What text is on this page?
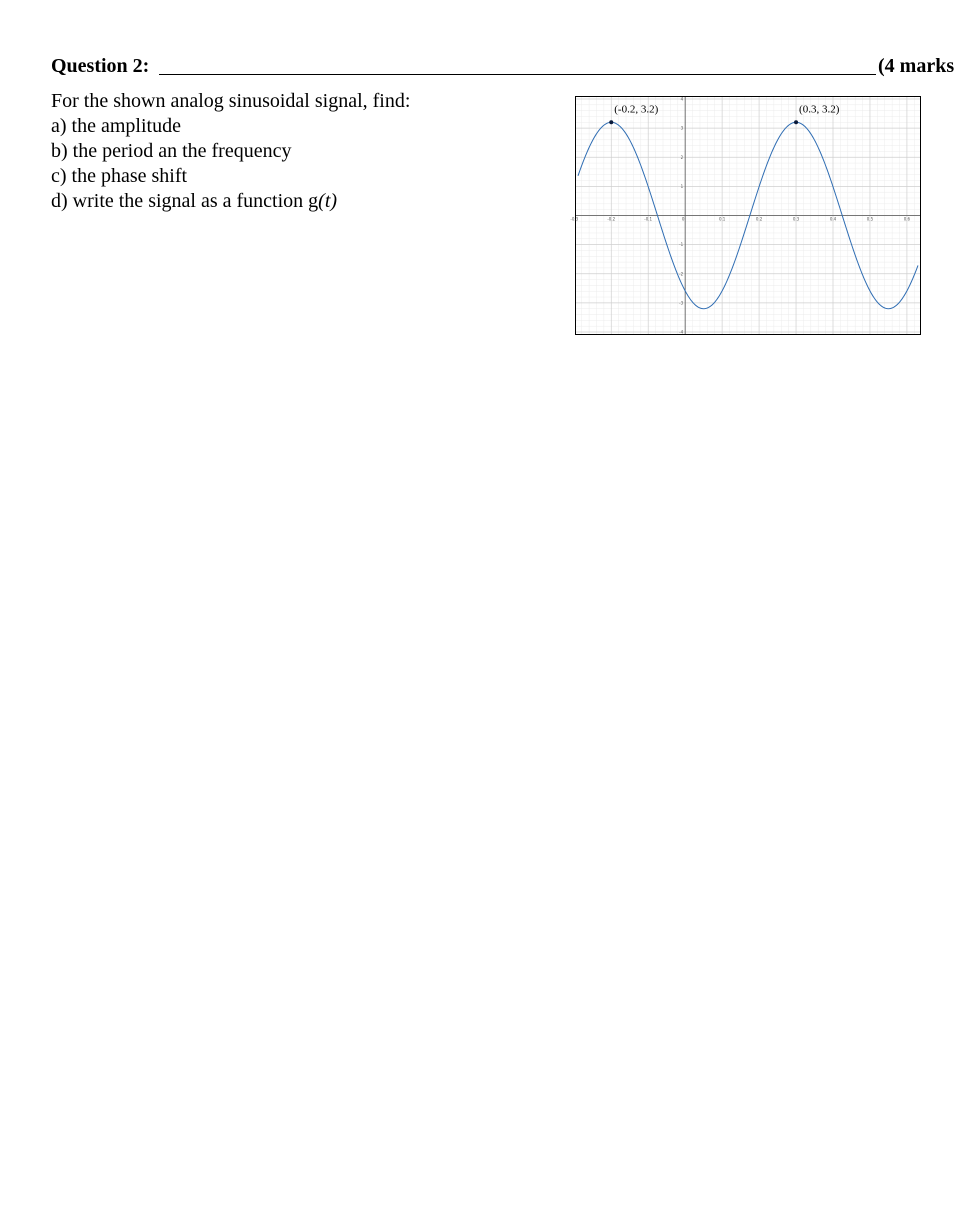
Question 2:	(4 marks
For the shown analog sinusoidal signal, find:
a) the amplitude
b) the period an the frequency
c) the phase shift
d) write the signal as a function g(t)
-0.3	-0.2	-0.1	0	0.1	0.2	0.3	0.4	0.5	0.6
4
3
2
1
-1
-2
-3
-4
(-0.2, 3.2)	(0.3, 3.2)
